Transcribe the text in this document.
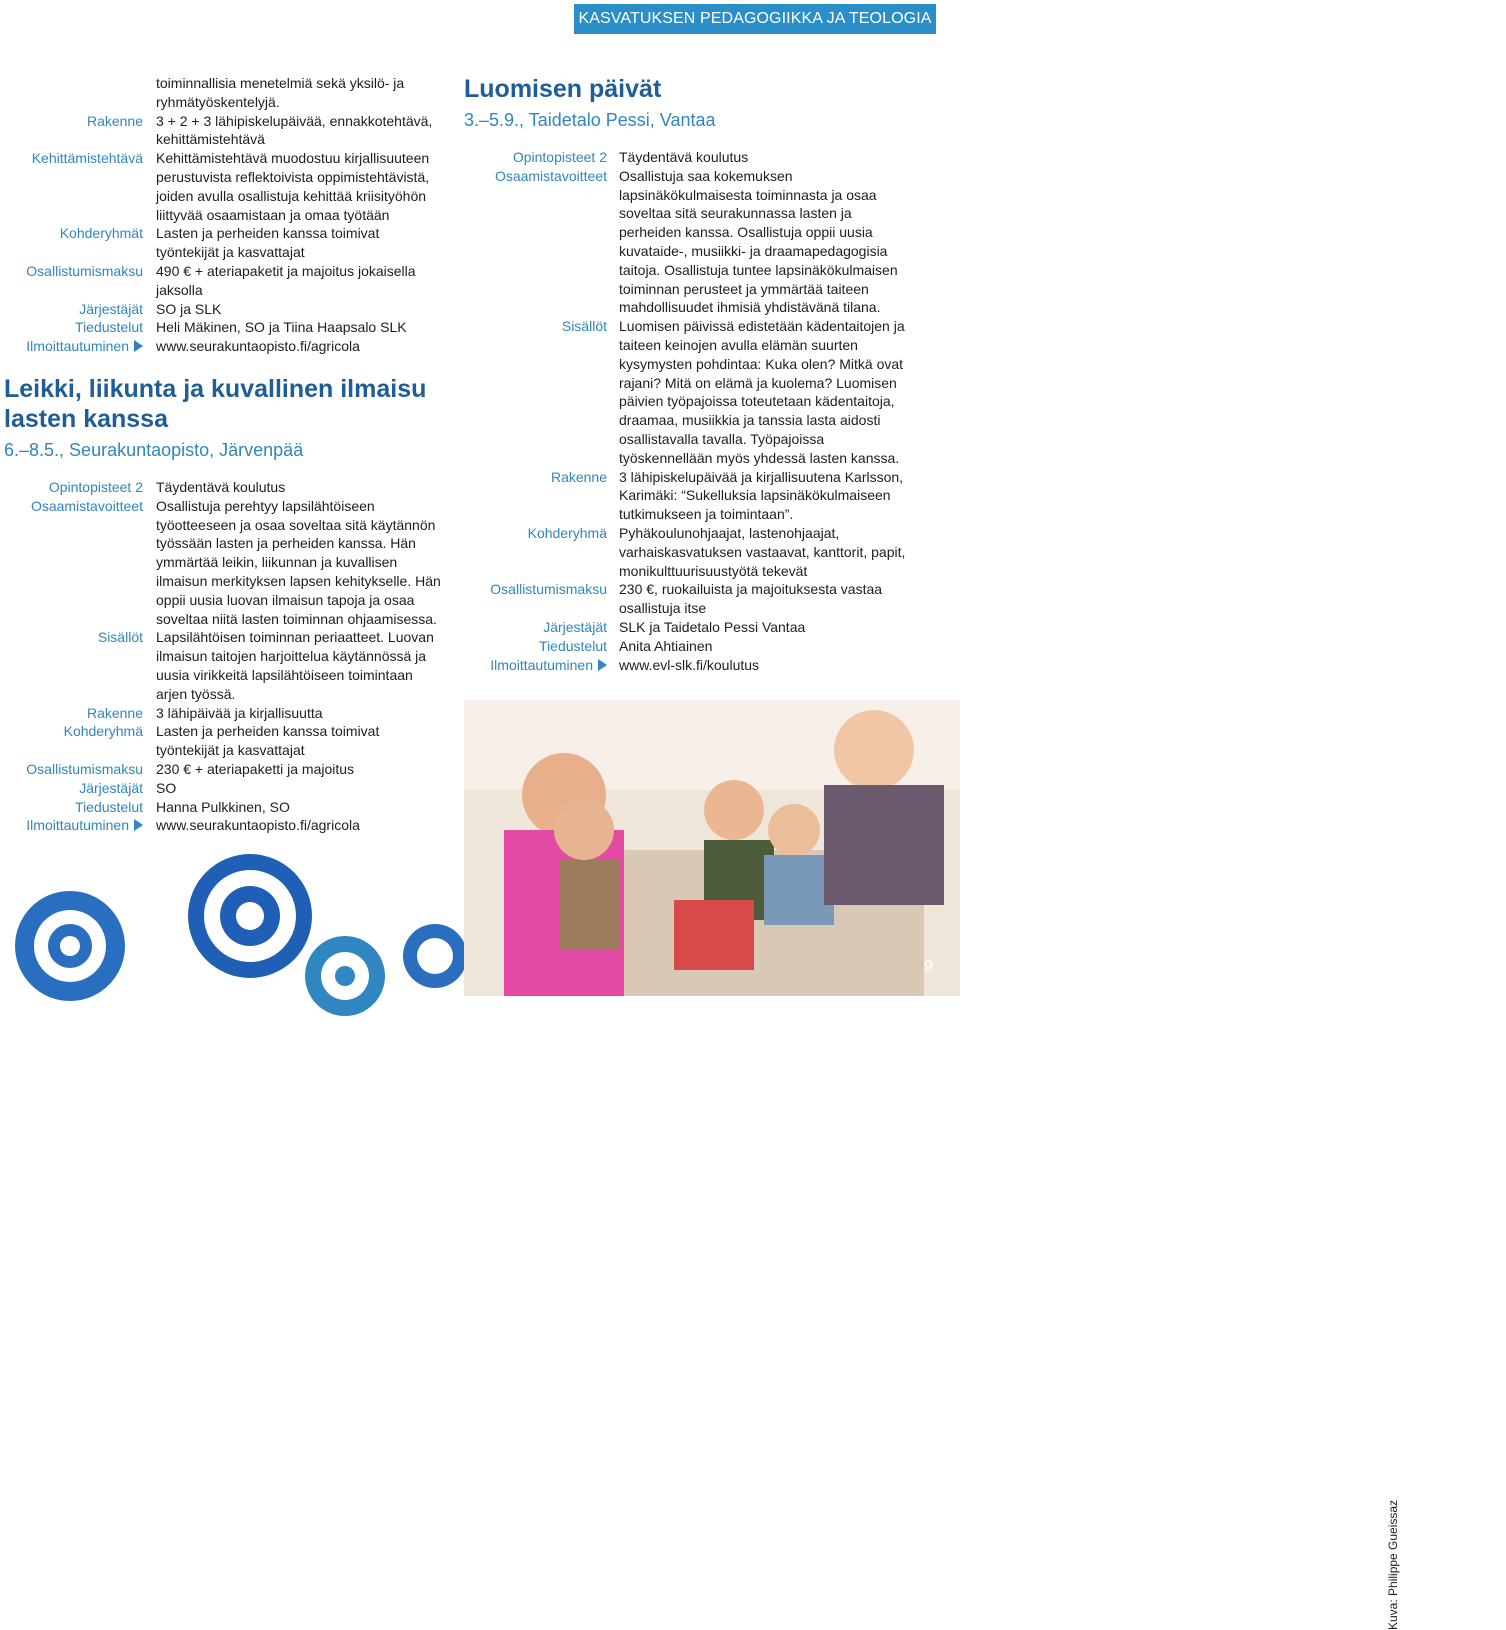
KASVATUKSEN PEDAGOGIIKKA JA TEOLOGIA
toiminnallisia menetelmiä sekä yksilö- ja ryhmätyöskentelyjä.
Rakenne 3 + 2 + 3 lähipiskelupäivää, ennakkotehtävä, kehittämistehtävä
Kehittämistehtävä Kehittämistehtävä muodostuu kirjallisuuteen perustuvista reflektoivista oppimistehtävistä, joiden avulla osallistuja kehittää kriisityöhön liittyvää osaamistaan ja omaa työtään
Kohderyhmät Lasten ja perheiden kanssa toimivat työntekijät ja kasvattajat
Osallistumismaksu 490 € + ateriapaketit ja majoitus jokaisella jaksolla
Järjestäjät SO ja SLK
Tiedustelut Heli Mäkinen, SO ja Tiina Haapsalo SLK
Ilmoittautuminen	www.seurakuntaopisto.fi/agricola
Leikki, liikunta ja kuvallinen ilmaisu lasten kanssa
6.–8.5., Seurakuntaopisto, Järvenpää
Opintopisteet 2 Täydentävä koulutus
Osaamistavoitteet Osallistuja perehtyy lapsilähtöiseen työotteeseen ja osaa soveltaa sitä käytännön työssään lasten ja perheiden kanssa. Hän ymmärtää leikin, liikunnan ja kuvallisen ilmaisun merkityksen lapsen kehitykselle. Hän oppii uusia luovan ilmaisun tapoja ja osaa soveltaa niitä lasten toiminnan ohjaamisessa.
Sisällöt Lapsilähtöisen toiminnan periaatteet. Luovan ilmaisun taitojen harjoittelua käytännössä ja uusia virikkeitä lapsilähtöiseen toimintaan arjen työssä.
Rakenne 3 lähipäivää ja kirjallisuutta
Kohderyhmä Lasten ja perheiden kanssa toimivat työntekijät ja kasvattajat
Osallistumismaksu 230 € + ateriapaketti ja majoitus
Järjestäjät SO
Tiedustelut Hanna Pulkkinen, SO
Ilmoittautuminen	www.seurakuntaopisto.fi/agricola
Luomisen päivät
3.–5.9., Taidetalo Pessi, Vantaa
Opintopisteet 2 Täydentävä koulutus
Osaamistavoitteet Osallistuja saa kokemuksen lapsinäkökulmaisesta toiminnasta ja osaa soveltaa sitä seurakunnassa lasten ja perheiden kanssa. Osallistuja oppii uusia kuvataide-, musiikki- ja draamapedagogisia taitoja. Osallistuja tuntee lapsinäkökulmaisen toiminnan perusteet ja ymmärtää taiteen mahdollisuudet ihmisiä yhdistävänä tilana.
Sisällöt Luomisen päivissä edistetään kädentaitojen ja taiteen keinojen avulla elämän suurten kysymysten pohdintaa: Kuka olen? Mitkä ovat rajani? Mitä on elämä ja kuolema? Luomisen päivien työpajoissa toteutetaan kädentaitoja, draamaa, musiikkia ja tanssia lasta aidosti osallistavalla tavalla. Työpajoissa työskennellään myös yhdessä lasten kanssa.
Rakenne 3 lähipiskelupäivää ja kirjallisuutena Karlsson, Karimäki: “Sukelluksia lapsinäkökulmaiseen tutkimukseen ja toimintaan”.
Kohderyhmä Pyhäkoulunohjaajat, lastenohjaajat, varhaiskasvatuksen vastaavat, kanttorit, papit, monikulttuurisuustyötä tekevät
Osallistumismaksu 230 €, ruokailuista ja majoituksesta vastaa osallistuja itse
Järjestäjät SLK ja Taidetalo Pessi Vantaa
Tiedustelut Anita Ahtiainen
Ilmoittautuminen	www.evl-slk.fi/koulutus
Kuva: Philippe Gueissaz
9
